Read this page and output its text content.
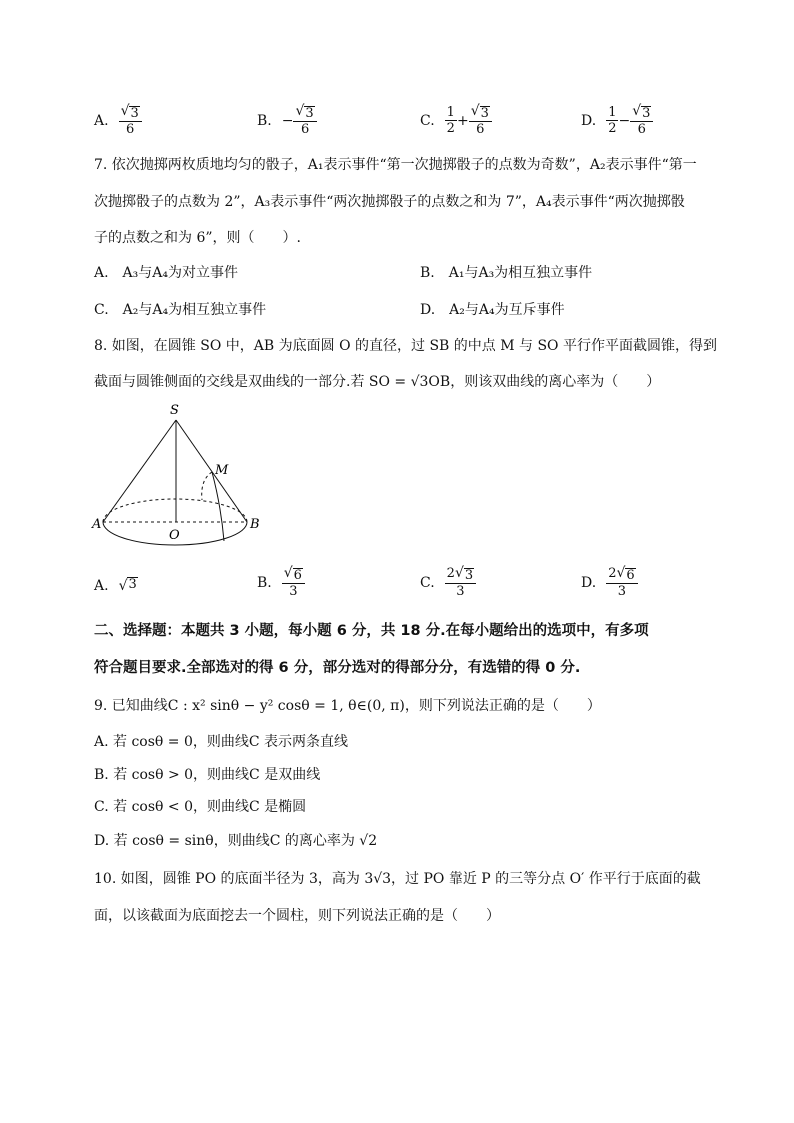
A. $\frac{√ 3}{6}$	B. − $\frac{√ 3}{6}$	C. $\frac{1}{2} + \frac{√ 3}{6}$	D. $\frac{1}{2} - \frac{√ 3}{6}$
7. 依次抛掷两枚质地均匀的骰子，A₁表示事件“第一次抛掷骰子的点数为奇数”，A₂表示事件“第一
次抛掷骰子的点数为 2”，A₃表示事件“两次抛掷骰子的点数之和为 7”，A₄表示事件“两次抛掷骰
子的点数之和为 6”，则（　　）.
A.　A₃与A₄为对立事件	B.　A₁与A₃为相互独立事件
C.　A₂与A₄为相互独立事件	D.　A₂与A₄为互斥事件
8. 如图，在圆锥 SO 中，AB 为底面圆 O 的直径，过 SB 的中点 M 与 SO 平行作平面截圆锥，得到
截面与圆锥侧面的交线是双曲线的一部分.若 SO = √3OB，则该双曲线的离心率为（　　）
S
M
A	B
O
A. √ 3	B. $\frac{√ 6}{3}$	C. $\frac{2 √ 3}{3}$	D. $\frac{2 √ 6}{3}$
二、选择题：本题共 3 小题，每小题 6 分，共 18 分.在每小题给出的选项中，有多项
符合题目要求.全部选对的得 6 分，部分选对的得部分分，有选错的得 0 分.
9. 已知曲线C : x² sinθ − y² cosθ = 1, θ∈(0, π)，则下列说法正确的是（　　）
A. 若 cosθ = 0，则曲线C 表示两条直线
B. 若 cosθ > 0，则曲线C 是双曲线
C. 若 cosθ < 0，则曲线C 是椭圆
D. 若 cosθ = sinθ，则曲线C 的离心率为 √2
10. 如图，圆锥 PO 的底面半径为 3，高为 3√3，过 PO 靠近 P 的三等分点 O′ 作平行于底面的截
面，以该截面为底面挖去一个圆柱，则下列说法正确的是（　　）
